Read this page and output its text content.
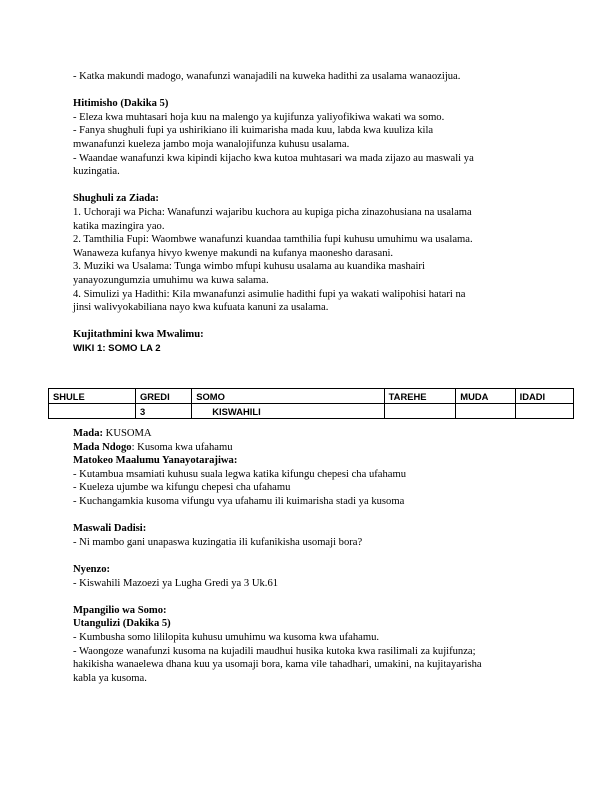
- Katka makundi madogo, wanafunzi wanajadili na kuweka hadithi za usalama wanaozijua.

Hitimisho (Dakika 5)

- Eleza kwa muhtasari hoja kuu na malengo ya kujifunza yaliyofikiwa wakati wa somo.

- Fanya shughuli fupi ya ushirikiano ili kuimarisha mada kuu, labda kwa kuuliza kila

mwanafunzi kueleza jambo moja wanalojifunza kuhusu usalama.

- Waandae wanafunzi kwa kipindi kijacho kwa kutoa muhtasari wa mada zijazo au maswali ya

kuzingatia.

Shughuli za Ziada:

1. Uchoraji wa Picha: Wanafunzi wajaribu kuchora au kupiga picha zinazohusiana na usalama

katika mazingira yao.

2. Tamthilia Fupi: Waombwe wanafunzi kuandaa tamthilia fupi kuhusu umuhimu wa usalama.

Wanaweza kufanya hivyo kwenye makundi na kufanya maonesho darasani.

3. Muziki wa Usalama: Tunga wimbo mfupi kuhusu usalama au kuandika mashairi

yanayozungumzia umuhimu wa kuwa salama.

4. Simulizi ya Hadithi: Kila mwanafunzi asimulie hadithi fupi ya wakati walipohisi hatari na

jinsi walivyokabiliana nayo kwa kufuata kanuni za usalama.

Kujitathmini kwa Mwalimu:

WIKI 1: SOMO LA 2

SHULE	GREDI	SOMO	TAREHE	MUDA	IDADI
	3	KISWAHILI			

Mada: KUSOMA

Mada Ndogo: Kusoma kwa ufahamu

Matokeo Maalumu Yanayotarajiwa:

- Kutambua msamiati kuhusu suala legwa katika kifungu chepesi cha ufahamu

- Kueleza ujumbe wa kifungu chepesi cha ufahamu

- Kuchangamkia kusoma vifungu vya ufahamu ili kuimarisha stadi ya kusoma

Maswali Dadisi:

- Ni mambo gani unapaswa kuzingatia ili kufanikisha usomaji bora?

Nyenzo:

- Kiswahili Mazoezi ya Lugha Gredi ya 3 Uk.61

Mpangilio wa Somo:

Utangulizi (Dakika 5)

- Kumbusha somo lililopita kuhusu umuhimu wa kusoma kwa ufahamu.

- Waongoze wanafunzi kusoma na kujadili maudhui husika kutoka kwa rasilimali za kujifunza;

hakikisha wanaelewa dhana kuu ya usomaji bora, kama vile tahadhari, umakini, na kujitayarisha

kabla ya kusoma.
